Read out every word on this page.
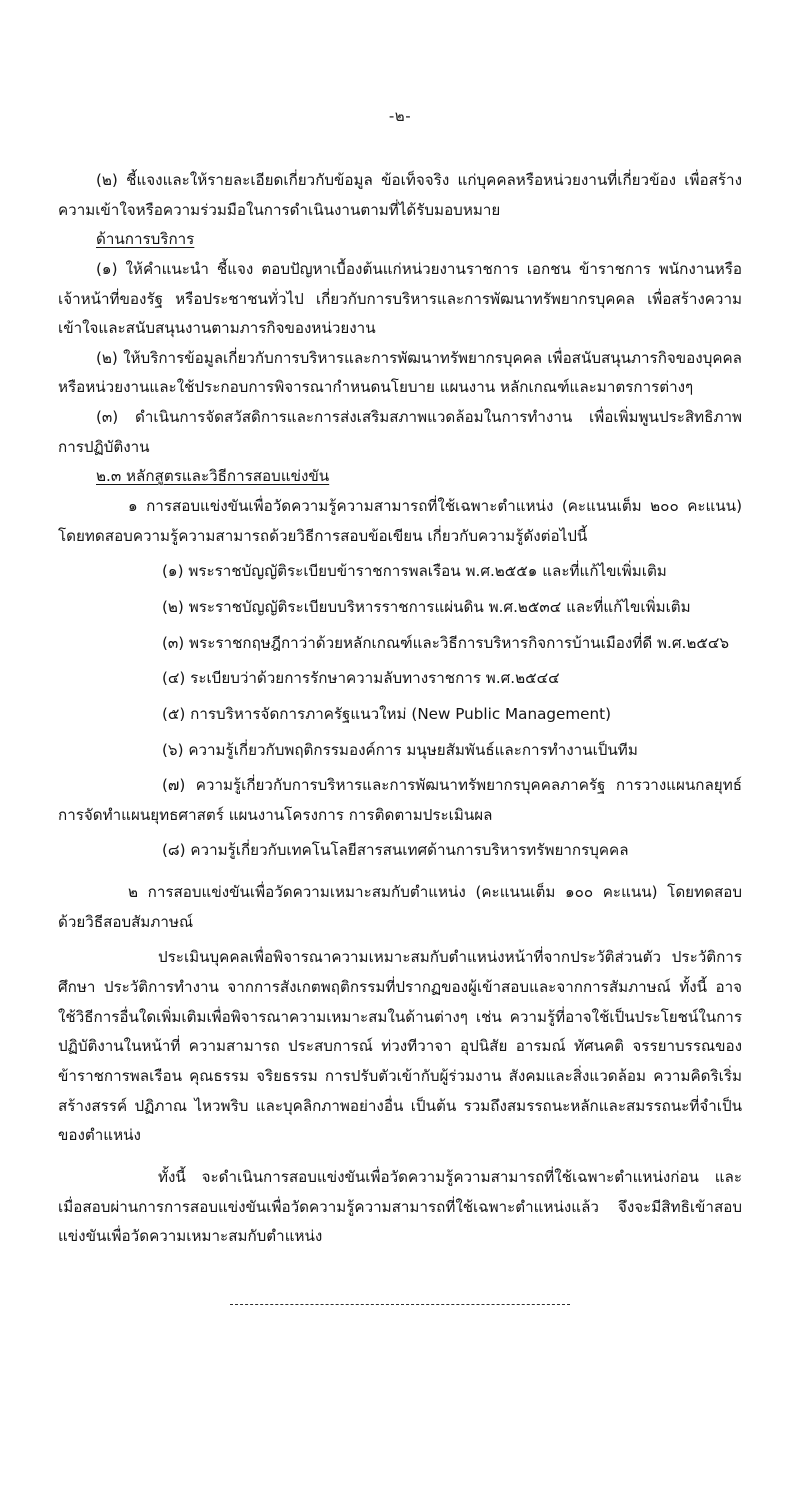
-๒-

(๒) ชี้แจงและให้รายละเอียดเกี่ยวกับข้อมูล ข้อเท็จจริง แก่บุคคลหรือหน่วยงานที่เกี่ยวข้อง เพื่อสร้างความเข้าใจหรือความร่วมมือในการดำเนินงานตามที่ได้รับมอบหมาย

ด้านการบริการ

(๑) ให้คำแนะนำ ชี้แจง ตอบปัญหาเบื้องต้นแก่หน่วยงานราชการ เอกชน ข้าราชการ พนักงานหรือเจ้าหน้าที่ของรัฐ หรือประชาชนทั่วไป เกี่ยวกับการบริหารและการพัฒนาทรัพยากรบุคคล เพื่อสร้างความเข้าใจและสนับสนุนงานตามภารกิจของหน่วยงาน

(๒) ให้บริการข้อมูลเกี่ยวกับการบริหารและการพัฒนาทรัพยากรบุคคล เพื่อสนับสนุนภารกิจของบุคคลหรือหน่วยงานและใช้ประกอบการพิจารณากำหนดนโยบาย แผนงาน หลักเกณฑ์และมาตรการต่างๆ

(๓) ดำเนินการจัดสวัสดิการและการส่งเสริมสภาพแวดล้อมในการทำงาน เพื่อเพิ่มพูนประสิทธิภาพการปฏิบัติงาน

๒.๓ หลักสูตรและวิธีการสอบแข่งขัน

๑ การสอบแข่งขันเพื่อวัดความรู้ความสามารถที่ใช้เฉพาะตำแหน่ง (คะแนนเต็ม ๒๐๐ คะแนน) โดยทดสอบความรู้ความสามารถด้วยวิธีการสอบข้อเขียน เกี่ยวกับความรู้ดังต่อไปนี้

(๑) พระราชบัญญัติระเบียบข้าราชการพลเรือน พ.ศ.๒๕๕๑ และที่แก้ไขเพิ่มเติม

(๒) พระราชบัญญัติระเบียบบริหารราชการแผ่นดิน พ.ศ.๒๕๓๔ และที่แก้ไขเพิ่มเติม

(๓) พระราชกฤษฎีกาว่าด้วยหลักเกณฑ์และวิธีการบริหารกิจการบ้านเมืองที่ดี พ.ศ.๒๕๔๖

(๔) ระเบียบว่าด้วยการรักษาความลับทางราชการ พ.ศ.๒๕๔๔

(๕) การบริหารจัดการภาครัฐแนวใหม่ (New Public Management)

(๖) ความรู้เกี่ยวกับพฤติกรรมองค์การ มนุษยสัมพันธ์และการทำงานเป็นทีม

(๗) ความรู้เกี่ยวกับการบริหารและการพัฒนาทรัพยากรบุคคลภาครัฐ การวางแผนกลยุทธ์ การจัดทำแผนยุทธศาสตร์ แผนงานโครงการ การติดตามประเมินผล

(๘) ความรู้เกี่ยวกับเทคโนโลยีสารสนเทศด้านการบริหารทรัพยากรบุคคล

๒ การสอบแข่งขันเพื่อวัดความเหมาะสมกับตำแหน่ง (คะแนนเต็ม ๑๐๐ คะแนน) โดยทดสอบด้วยวิธีสอบสัมภาษณ์

ประเมินบุคคลเพื่อพิจารณาความเหมาะสมกับตำแหน่งหน้าที่จากประวัติส่วนตัว ประวัติการศึกษา ประวัติการทำงาน จากการสังเกตพฤติกรรมที่ปรากฏของผู้เข้าสอบและจากการสัมภาษณ์ ทั้งนี้ อาจใช้วิธีการอื่นใดเพิ่มเติมเพื่อพิจารณาความเหมาะสมในด้านต่างๆ เช่น ความรู้ที่อาจใช้เป็นประโยชน์ในการปฏิบัติงานในหน้าที่ ความสามารถ ประสบการณ์ ท่วงทีวาจา อุปนิสัย อารมณ์ ทัศนคติ จรรยาบรรณของข้าราชการพลเรือน คุณธรรม จริยธรรม การปรับตัวเข้ากับผู้ร่วมงาน สังคมและสิ่งแวดล้อม ความคิดริเริ่มสร้างสรรค์ ปฏิภาณ ไหวพริบ และบุคลิกภาพอย่างอื่น เป็นต้น รวมถึงสมรรถนะหลักและสมรรถนะที่จำเป็นของตำแหน่ง

ทั้งนี้ จะดำเนินการสอบแข่งขันเพื่อวัดความรู้ความสามารถที่ใช้เฉพาะตำแหน่งก่อน และเมื่อสอบผ่านการการสอบแข่งขันเพื่อวัดความรู้ความสามารถที่ใช้เฉพาะตำแหน่งแล้ว จึงจะมีสิทธิเข้าสอบแข่งขันเพื่อวัดความเหมาะสมกับตำแหน่ง
